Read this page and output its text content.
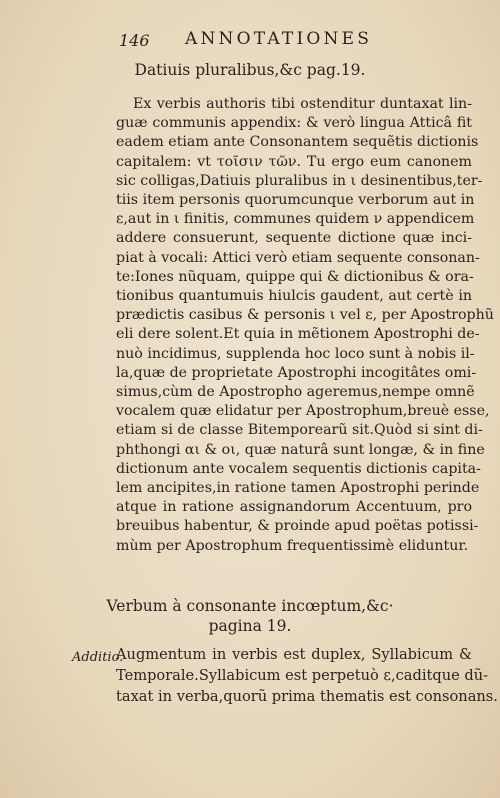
146 ANNOTATIONES
Datiuis pluralibus,&c pag.19.
Ex verbis authoris tibi ostenditur duntaxat lin-
guæ communis appendix: & verò lingua Atticâ fit
eadem etiam ante Consonantem sequẽtis dictionis
capitalem: vt τοῖσιν τῶν. Tu ergo eum canonem
sic colligas,Datiuis pluralibus in ι desinentibus,ter-
tiis item personis quorumcunque verborum aut in
ε,aut in ι finitis, communes quidem ν appendicem
addere consuerunt, sequente dictione quæ inci-
piat à vocali: Attici verò etiam sequente consonan-
te:Iones nũquam, quippe qui & dictionibus & ora-
tionibus quantumuis hiulcis gaudent, aut certè in
prædictis casibus & personis ι vel ε, per Apostrophũ
eli dere solent.Et quia in mẽtionem Apostrophi de-
nuò incidimus, supplenda hoc loco sunt à nobis il-
la,quæ de proprietate Apostrophi incogitâtes omi-
simus,cùm de Apostropho ageremus,nempe omnẽ
vocalem quæ elidatur per Apostrophum,breuè esse,
etiam si de classe Bitemporearũ sit.Quòd si sint di-
phthongi αι & οι, quæ naturâ sunt longæ, & in fine
dictionum ante vocalem sequentis dictionis capita-
lem ancipites,in ratione tamen Apostrophi perinde
atque in ratione assignandorum Accentuum, pro
breuibus habentur, & proinde apud poëtas potissi-
mùm per Apostrophum frequentissimè eliduntur.
Verbum à consonante incœptum,&c·
pagina 19.
Additio.
Augmentum in verbis est duplex, Syllabicum &
Temporale.Syllabicum est perpetuò ε,caditque dũ-
taxat in verba,quorũ prima thematis est consonans.
